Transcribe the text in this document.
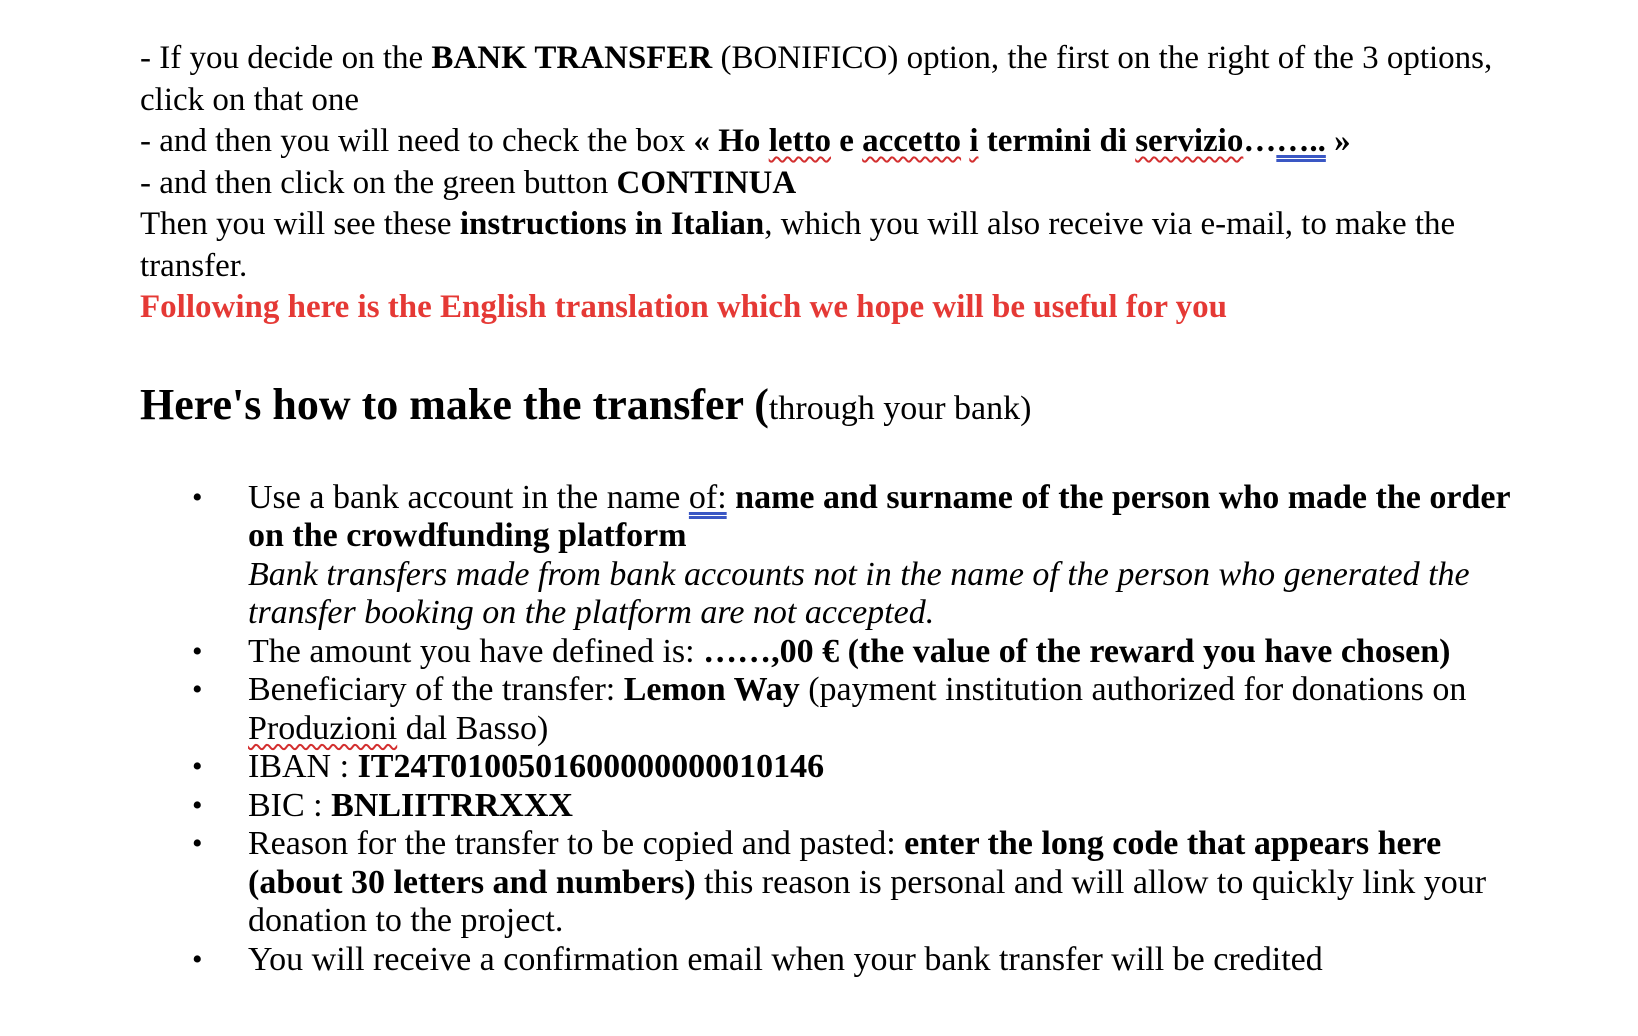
- If you decide on the BANK TRANSFER (BONIFICO) option, the first on the right of the 3 options, click on that one

- and then you will need to check the box « Ho letto e accetto i termini di servizio…….. »

- and then click on the green button CONTINUA

Then you will see these instructions in Italian, which you will also receive via e-mail, to make the transfer.

Following here is the English translation which we hope will be useful for you

Here's how to make the transfer (through your bank)
• Use a bank account in the name of: name and surname of the person who made the order on the crowdfunding platform
Bank transfers made from bank accounts not in the name of the person who generated the transfer booking on the platform are not accepted.
• The amount you have defined is: ……,00 € (the value of the reward you have chosen)
• Beneficiary of the transfer: Lemon Way (payment institution authorized for donations on Produzioni dal Basso)
• IBAN : IT24T0100501600000000010146
• BIC : BNLIITRRXXX
• Reason for the transfer to be copied and pasted: enter the long code that appears here (about 30 letters and numbers) this reason is personal and will allow to quickly link your donation to the project.
• You will receive a confirmation email when your bank transfer will be credited
